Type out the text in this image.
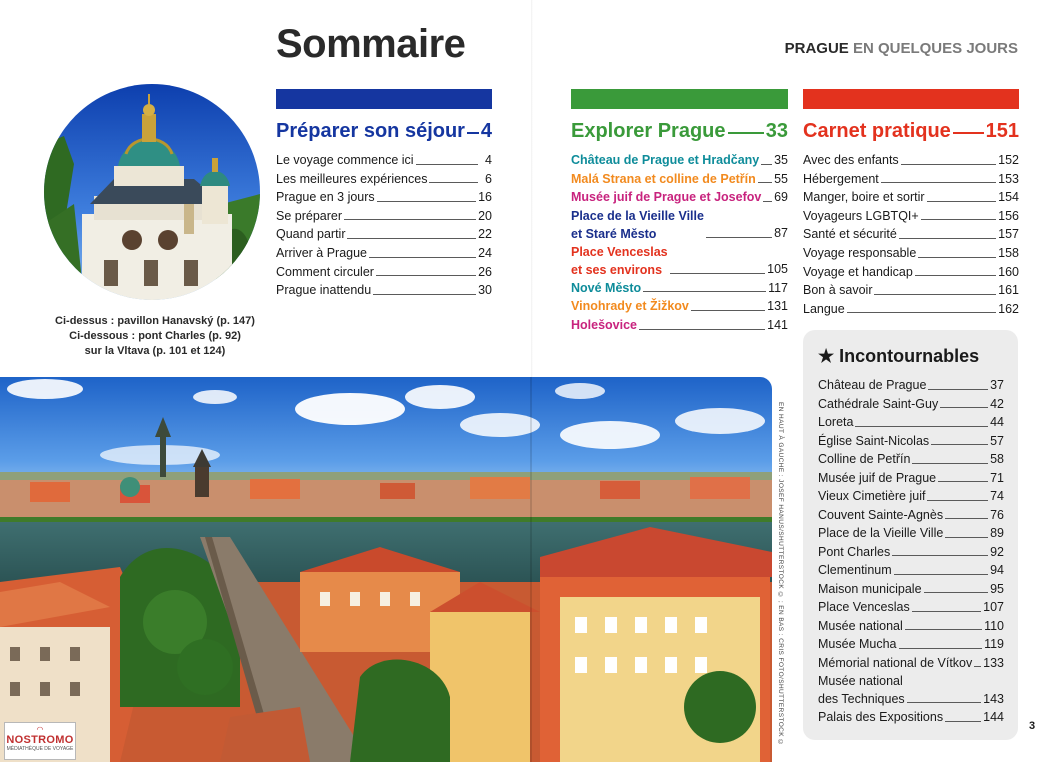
Sommaire	PRAGUE EN QUELQUES JOURS
Ci-dessus : pavillon Hanavský (p. 147)
Ci-dessous : pont Charles (p. 92)
sur la Vltava (p. 101 et 124)
Préparer son séjour 4
Le voyage commence ici	4
Les meilleures expériences	6
Prague en 3 jours	16
Se préparer	20
Quand partir	22
Arriver à Prague	24
Comment circuler	26
Prague inattendu	30
Explorer Prague 33
Château de Prague et Hradčany 35
Malá Strana et colline de Petřín 55
Musée juif de Prague et Josefov 69
Place de la Vieille Ville
et Staré Město	87
Place Venceslas
et ses environs	105
Nové Město	117
Vinohrady et Žižkov	131
Holešovice	141
Carnet pratique 151
Avec des enfants	152
Hébergement	153
Manger, boire et sortir	154
Voyageurs LGBTQI+	156
Santé et sécurité	157
Voyage responsable	158
Voyage et handicap	160
Bon à savoir	161
Langue	162
EN HAUT À GAUCHE : JOSEF HANUS/SHUTTERSTOCK © ; EN BAS : CRIS FOTO/SHUTTERSTOCK ©
★ Incontournables
Château de Prague	37
Cathédrale Saint-Guy	42
Loreta	44
Église Saint-Nicolas	57
Colline de Petřín	58
Musée juif de Prague	71
Vieux Cimetière juif	74
Couvent Sainte-Agnès	76
Place de la Vieille Ville	89
Pont Charles	92
Clementinum	94
Maison municipale	95
Place Venceslas	107
Musée national	110
Musée Mucha	119
Mémorial national de Vítkov 133
Musée national
des Techniques	143
Palais des Expositions	144
3
◠
NOSTROMO
MÉDIATHÈQUE DE VOYAGE
